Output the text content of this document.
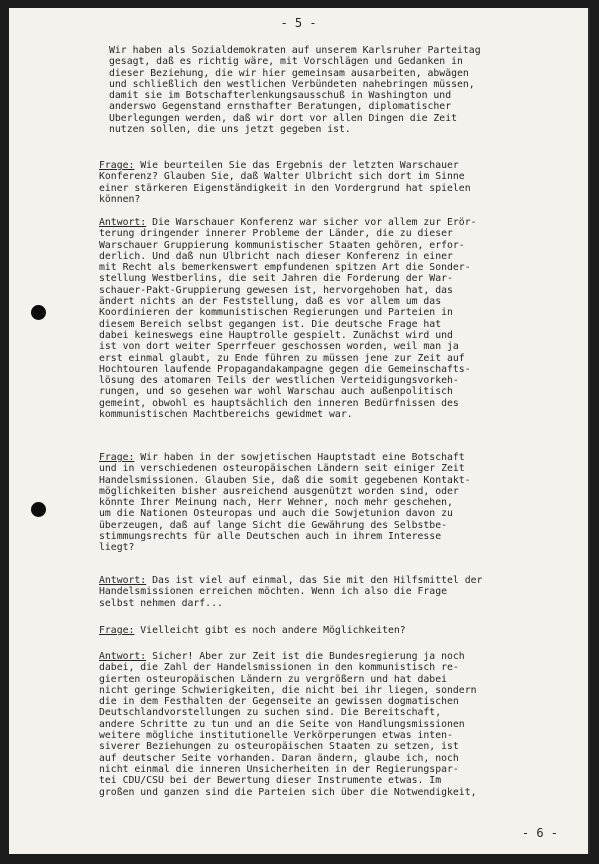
- 5 -
Wir haben als Sozialdemokraten auf unserem Karlsruher Parteitag
gesagt, daß es richtig wäre, mit Vorschlägen und Gedanken in
dieser Beziehung, die wir hier gemeinsam ausarbeiten, abwägen
und schließlich den westlichen Verbündeten nahebringen müssen,
damit sie im Botschafterlenkungsausschuß in Washington und
anderswo Gegenstand ernsthafter Beratungen, diplomatischer
Überlegungen werden, daß wir dort vor allen Dingen die Zeit
nutzen sollen, die uns jetzt gegeben ist.
Frage: Wie beurteilen Sie das Ergebnis der letzten Warschauer
Konferenz? Glauben Sie, daß Walter Ulbricht sich dort im Sinne
einer stärkeren Eigenständigkeit in den Vordergrund hat spielen
können?
Antwort: Die Warschauer Konferenz war sicher vor allem zur Erör-
terung dringender innerer Probleme der Länder, die zu dieser
Warschauer Gruppierung kommunistischer Staaten gehören, erfor-
derlich. Und daß nun Ulbricht nach dieser Konferenz in einer
mit Recht als bemerkenswert empfundenen spitzen Art die Sonder-
stellung Westberlins, die seit Jahren die Forderung der War-
schauer-Pakt-Gruppierung gewesen ist, hervorgehoben hat, das
ändert nichts an der Feststellung, daß es vor allem um das
Koordinieren der kommunistischen Regierungen und Parteien in
diesem Bereich selbst gegangen ist. Die deutsche Frage hat
dabei keineswegs eine Hauptrolle gespielt. Zunächst wird und
ist von dort weiter Sperrfeuer geschossen worden, weil man ja
erst einmal glaubt, zu Ende führen zu müssen jene zur Zeit auf
Hochtouren laufende Propagandakampagne gegen die Gemeinschafts-
lösung des atomaren Teils der westlichen Verteidigungsvorkeh-
rungen, und so gesehen war wohl Warschau auch außenpolitisch
gemeint, obwohl es hauptsächlich den inneren Bedürfnissen des
kommunistischen Machtbereichs gewidmet war.
Frage: Wir haben in der sowjetischen Hauptstadt eine Botschaft
und in verschiedenen osteuropäischen Ländern seit einiger Zeit
Handelsmissionen. Glauben Sie, daß die somit gegebenen Kontakt-
möglichkeiten bisher ausreichend ausgenützt worden sind, oder
könnte Ihrer Meinung nach, Herr Wehner, noch mehr geschehen,
um die Nationen Osteuropas und auch die Sowjetunion davon zu
überzeugen, daß auf lange Sicht die Gewährung des Selbstbe-
stimmungsrechts für alle Deutschen auch in ihrem Interesse
liegt?
Antwort: Das ist viel auf einmal, das Sie mit den Hilfsmittel der
Handelsmissionen erreichen möchten. Wenn ich also die Frage
selbst nehmen darf...
Frage: Vielleicht gibt es noch andere Möglichkeiten?
Antwort: Sicher! Aber zur Zeit ist die Bundesregierung ja noch
dabei, die Zahl der Handelsmissionen in den kommunistisch re-
gierten osteuropäischen Ländern zu vergrößern und hat dabei
nicht geringe Schwierigkeiten, die nicht bei ihr liegen, sondern
die in dem Festhalten der Gegenseite an gewissen dogmatischen
Deutschlandvorstellungen zu suchen sind. Die Bereitschaft,
andere Schritte zu tun und an die Seite von Handlungsmissionen
weitere mögliche institutionelle Verkörperungen etwas inten-
siverer Beziehungen zu osteuropäischen Staaten zu setzen, ist
auf deutscher Seite vorhanden. Daran ändern, glaube ich, noch
nicht einmal die inneren Unsicherheiten in der Regierungspar-
tei CDU/CSU bei der Bewertung dieser Instrumente etwas. Im
großen und ganzen sind die Parteien sich über die Notwendigkeit,
- 6 -
